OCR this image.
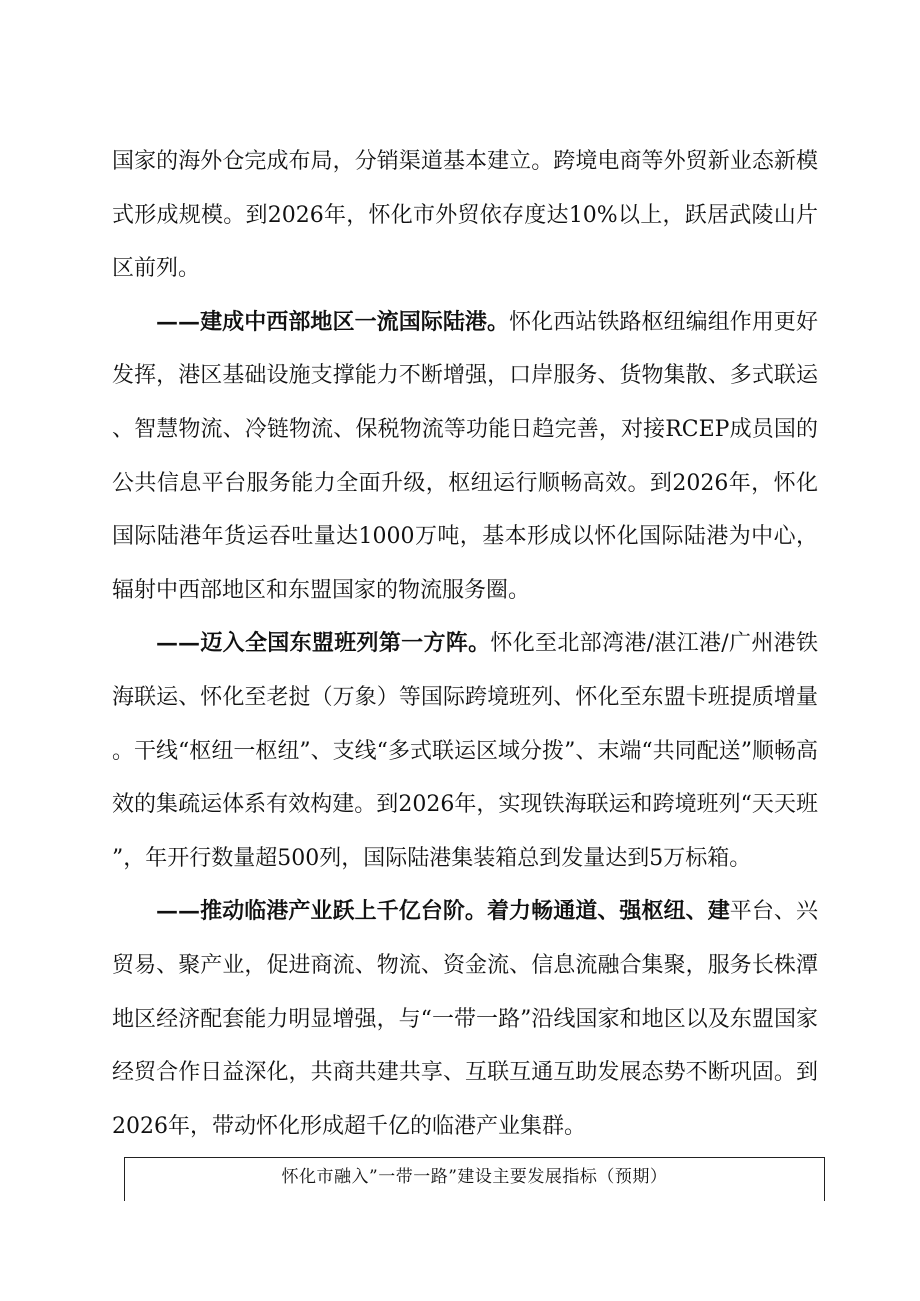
国家的海外仓完成布局，分销渠道基本建立。跨境电商等外贸新业态新模式形成规模。到2026年，怀化市外贸依存度达10%以上，跃居武陵山片区前列。

——建成中西部地区一流国际陆港。怀化西站铁路枢纽编组作用更好发挥，港区基础设施支撑能力不断增强，口岸服务、货物集散、多式联运、智慧物流、冷链物流、保税物流等功能日趋完善，对接RCEP成员国的公共信息平台服务能力全面升级，枢纽运行顺畅高效。到2026年，怀化国际陆港年货运吞吐量达1000万吨，基本形成以怀化国际陆港为中心，辐射中西部地区和东盟国家的物流服务圈。

——迈入全国东盟班列第一方阵。怀化至北部湾港/湛江港/广州港铁海联运、怀化至老挝（万象）等国际跨境班列、怀化至东盟卡班提质增量。干线“枢纽一枢纽”、支线“多式联运区域分拨”、末端“共同配送”顺畅高效的集疏运体系有效构建。到2026年，实现铁海联运和跨境班列“天天班”，年开行数量超500列，国际陆港集装箱总到发量达到5万标箱。

——推动临港产业跃上千亿台阶。着力畅通道、强枢纽、建平台、兴贸易、聚产业，促进商流、物流、资金流、信息流融合集聚，服务长株潭地区经济配套能力明显增强，与“一带一路”沿线国家和地区以及东盟国家经贸合作日益深化，共商共建共享、互联互通互助发展态势不断巩固。到2026年，带动怀化形成超千亿的临港产业集群。

怀化市融入”一带一路”建设主要发展指标（预期）
